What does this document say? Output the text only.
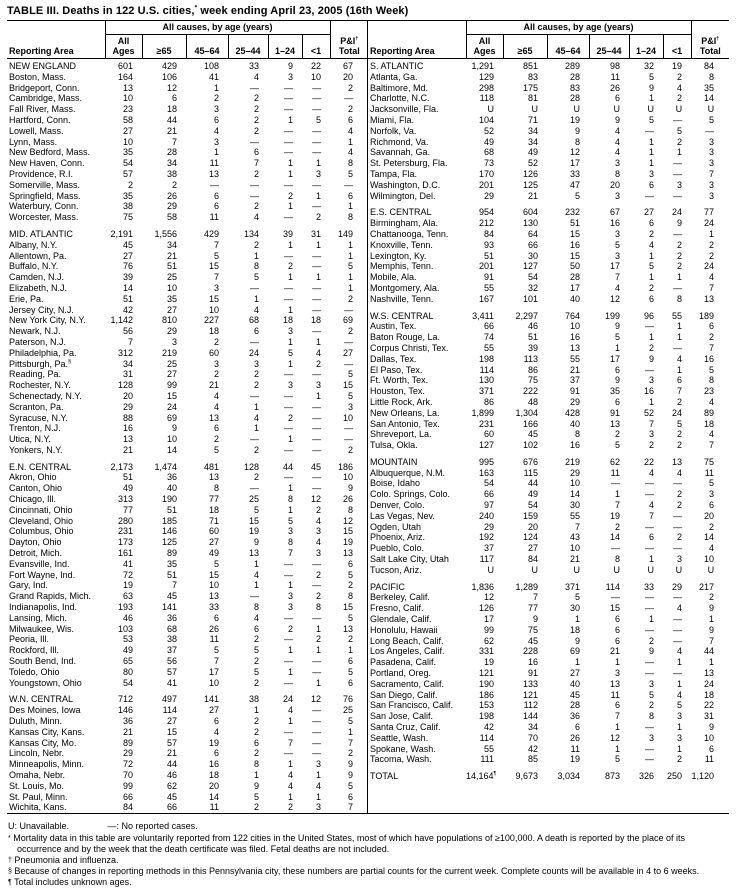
TABLE III. Deaths in 122 U.S. cities,* week ending April 23, 2005 (16th Week)
Reporting Area	All causes, by age (years)						P&I† Total
	All Ages	≥65	45–64	25–44	1–24	<1	
NEW ENGLAND	601	429	108	33	9	22	67
Boston, Mass.	164	106	41	4	3	10	20
Bridgeport, Conn.	13	12	1	—	—	—	2
Cambridge, Mass.	10	6	2	2	—	—	—
Fall River, Mass.	23	18	3	2	—	—	2
Hartford, Conn.	58	44	6	2	1	5	6
Lowell, Mass.	27	21	4	2	—	—	4
Lynn, Mass.	10	7	3	—	—	—	1
New Bedford, Mass.	35	28	1	6	—	—	4
New Haven, Conn.	54	34	11	7	1	1	8
Providence, R.I.	57	38	13	2	1	3	5
Somerville, Mass.	2	2	—	—	—	—	—
Springfield, Mass.	35	26	6	—	2	1	6
Waterbury, Conn.	38	29	6	2	1	—	1
Worcester, Mass.	75	58	11	4	—	2	8
MID. ATLANTIC	2,191	1,556	429	134	39	31	149
Albany, N.Y.	45	34	7	2	1	1	1
Allentown, Pa.	27	21	5	1	—	—	1
Buffalo, N.Y.	76	51	15	8	2	—	5
Camden, N.J.	39	25	7	5	1	1	1
Elizabeth, N.J.	14	10	3	—	—	—	1
Erie, Pa.	51	35	15	1	—	—	2
Jersey City, N.J.	42	27	10	4	1	—	—
New York City, N.Y.	1,142	810	227	68	18	18	69
Newark, N.J.	56	29	18	6	3	—	2
Paterson, N.J.	7	3	2	—	1	1	—
Philadelphia, Pa.	312	219	60	24	5	4	27
Pittsburgh, Pa.§	34	25	3	3	1	2	—
Reading, Pa.	31	27	2	2	—	—	5
Rochester, N.Y.	128	99	21	2	3	3	15
Schenectady, N.Y.	20	15	4	—	—	1	5
Scranton, Pa.	29	24	4	1	—	—	3
Syracuse, N.Y.	88	69	13	4	2	—	10
Trenton, N.J.	16	9	6	1	—	—	—
Utica, N.Y.	13	10	2	—	1	—	—
Yonkers, N.Y.	21	14	5	2	—	—	2
E.N. CENTRAL	2,173	1,474	481	128	44	45	186
Akron, Ohio	51	36	13	2	—	—	10
Canton, Ohio	49	40	8	—	1	—	9
Chicago, Ill.	313	190	77	25	8	12	26
Cincinnati, Ohio	77	51	18	5	1	2	8
Cleveland, Ohio	280	185	71	15	5	4	12
Columbus, Ohio	231	146	60	19	3	3	15
Dayton, Ohio	173	125	27	9	8	4	19
Detroit, Mich.	161	89	49	13	7	3	13
Evansville, Ind.	41	35	5	1	—	—	6
Fort Wayne, Ind.	72	51	15	4	—	2	5
Gary, Ind.	19	7	10	1	1	—	2
Grand Rapids, Mich.	63	45	13	—	3	2	8
Indianapolis, Ind.	193	141	33	8	3	8	15
Lansing, Mich.	46	36	6	4	—	—	5
Milwaukee, Wis.	103	68	26	6	2	1	13
Peoria, Ill.	53	38	11	2	—	2	2
Rockford, Ill.	49	37	5	5	1	1	1
South Bend, Ind.	65	56	7	2	—	—	6
Toledo, Ohio	80	57	17	5	1	—	5
Youngstown, Ohio	54	41	10	2	—	1	6
W.N. CENTRAL	712	497	141	38	24	12	76
Des Moines, Iowa	146	114	27	1	4	—	25
Duluth, Minn.	36	27	6	2	1	—	5
Kansas City, Kans.	21	15	4	2	—	—	1
Kansas City, Mo.	89	57	19	6	7	—	7
Lincoln, Nebr.	29	21	6	2	—	—	2
Minneapolis, Minn.	72	44	16	8	1	3	9
Omaha, Nebr.	70	46	18	1	4	1	9
St. Louis, Mo.	99	62	20	9	4	4	5
St. Paul, Minn.	66	45	14	5	1	1	6
Wichita, Kans.	84	66	11	2	2	3	7
Reporting Area	All causes, by age (years)						P&I† Total
	All Ages	≥65	45–64	25–44	1–24	<1	
S. ATLANTIC	1,291	851	289	98	32	19	84
Atlanta, Ga.	129	83	28	11	5	2	8
Baltimore, Md.	298	175	83	26	9	4	35
Charlotte, N.C.	118	81	28	6	1	2	14
Jacksonville, Fla.	U	U	U	U	U	U	U
Miami, Fla.	104	71	19	9	5	—	5
Norfolk, Va.	52	34	9	4	—	5	—
Richmond, Va.	49	34	8	4	1	2	3
Savannah, Ga.	68	49	12	4	1	1	3
St. Petersburg, Fla.	73	52	17	3	1	—	3
Tampa, Fla.	170	126	33	8	3	—	7
Washington, D.C.	201	125	47	20	6	3	3
Wilmington, Del.	29	21	5	3	—	—	3
E.S. CENTRAL	954	604	232	67	27	24	77
Birmingham, Ala.	212	130	51	16	6	9	24
Chattanooga, Tenn.	84	64	15	3	2	—	1
Knoxville, Tenn.	93	66	16	5	4	2	2
Lexington, Ky.	51	30	15	3	1	2	2
Memphis, Tenn.	201	127	50	17	5	2	24
Mobile, Ala.	91	54	28	7	1	1	4
Montgomery, Ala.	55	32	17	4	2	—	7
Nashville, Tenn.	167	101	40	12	6	8	13
W.S. CENTRAL	3,411	2,297	764	199	96	55	189
Austin, Tex.	66	46	10	9	—	1	6
Baton Rouge, La.	74	51	16	5	1	1	2
Corpus Christi, Tex.	55	39	13	1	2	—	7
Dallas, Tex.	198	113	55	17	9	4	16
El Paso, Tex.	114	86	21	6	—	1	5
Ft. Worth, Tex.	130	75	37	9	3	6	8
Houston, Tex.	371	222	91	35	16	7	23
Little Rock, Ark.	86	48	29	6	1	2	4
New Orleans, La.	1,899	1,304	428	91	52	24	89
San Antonio, Tex.	231	166	40	13	7	5	18
Shreveport, La.	60	45	8	2	3	2	4
Tulsa, Okla.	127	102	16	5	2	2	7
MOUNTAIN	995	676	219	62	22	13	75
Albuquerque, N.M.	163	115	29	11	4	4	11
Boise, Idaho	54	44	10	—	—	—	5
Colo. Springs, Colo.	66	49	14	1	—	2	3
Denver, Colo.	97	54	30	7	4	2	6
Las Vegas, Nev.	240	159	55	19	7	—	20
Ogden, Utah	29	20	7	2	—	—	2
Phoenix, Ariz.	192	124	43	14	6	2	14
Pueblo, Colo.	37	27	10	—	—	—	4
Salt Lake City, Utah	117	84	21	8	1	3	10
Tucson, Ariz.	U	U	U	U	U	U	U
PACIFIC	1,836	1,289	371	114	33	29	217
Berkeley, Calif.	12	7	5	—	—	—	2
Fresno, Calif.	126	77	30	15	—	4	9
Glendale, Calif.	17	9	1	6	1	—	1
Honolulu, Hawaii	99	75	18	6	—	—	9
Long Beach, Calif.	62	45	9	6	2	—	7
Los Angeles, Calif.	331	228	69	21	9	4	44
Pasadena, Calif.	19	16	1	1	—	1	1
Portland, Oreg.	121	91	27	3	—	—	13
Sacramento, Calif.	190	133	40	13	3	1	24
San Diego, Calif.	186	121	45	11	5	4	18
San Francisco, Calif.	153	112	28	6	2	5	22
San Jose, Calif.	198	144	36	7	8	3	31
Santa Cruz, Calif.	42	34	6	1	—	1	9
Seattle, Wash.	114	70	26	12	3	3	10
Spokane, Wash.	55	42	11	1	—	1	6
Tacoma, Wash.	111	85	19	5	—	2	11
TOTAL	14,164¶	9,673	3,034	873	326	250	1,120
U: Unavailable.	—: No reported cases.
* Mortality data in this table are voluntarily reported from 122 cities in the United States, most of which have populations of ≥100,000. A death is reported by the place of its occurrence and by the week that the death certificate was filed. Fetal deaths are not included.
† Pneumonia and influenza.
§ Because of changes in reporting methods in this Pennsylvania city, these numbers are partial counts for the current week. Complete counts will be available in 4 to 6 weeks.
¶ Total includes unknown ages.
